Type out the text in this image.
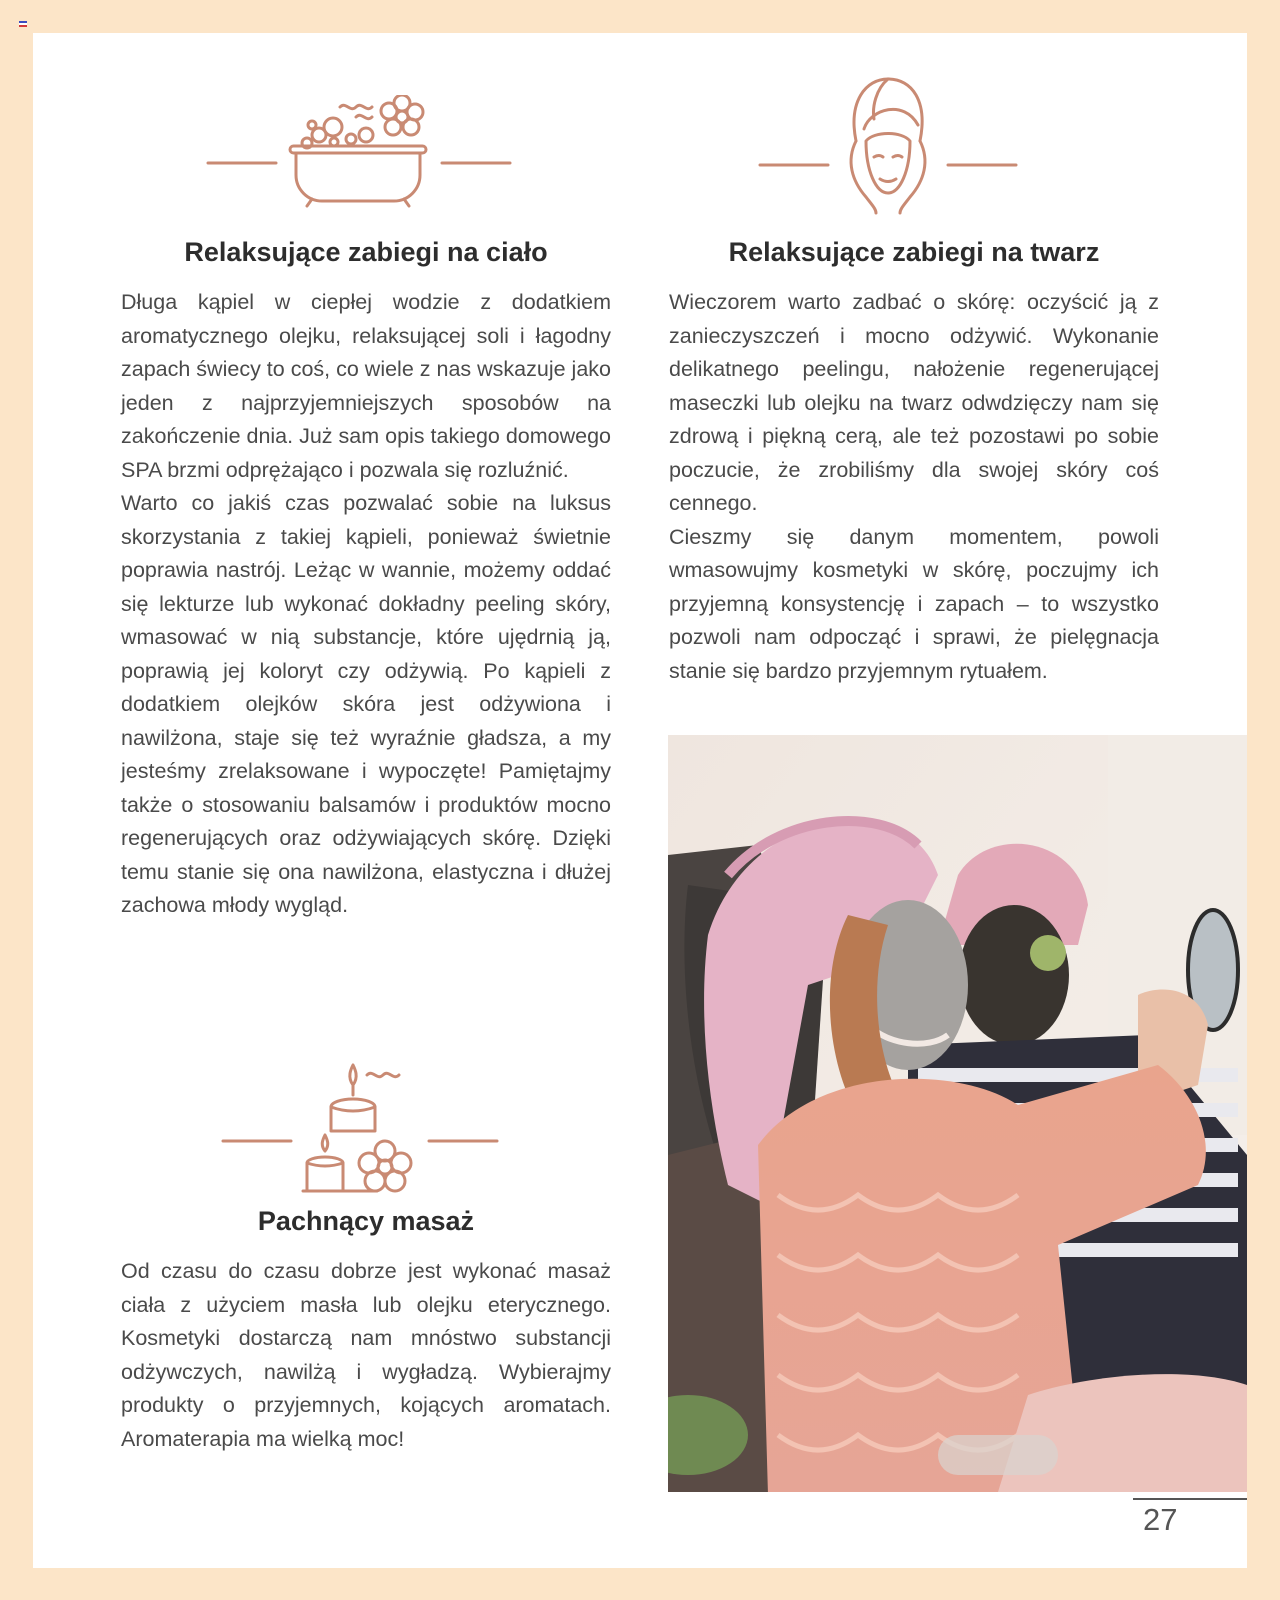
Relaksujące zabiegi na ciało

Długa kąpiel w ciepłej wodzie z dodatkiem aromatycznego olejku, relaksującej soli i łagodny zapach świecy to coś, co wiele z nas wskazuje jako jeden z najprzyjemniejszych sposobów na zakończenie dnia. Już sam opis takiego domowego SPA brzmi odprężająco i pozwala się rozluźnić.

Warto co jakiś czas pozwalać sobie na luksus skorzystania z takiej kąpieli, ponieważ świetnie poprawia nastrój. Leżąc w wannie, możemy oddać się lekturze lub wykonać dokładny peeling skóry, wmasować w nią substancje, które ujędrnią ją, poprawią jej koloryt czy odżywią. Po kąpieli z dodatkiem olejków skóra jest odżywiona i nawilżona, staje się też wyraźnie gładsza, a my jesteśmy zrelaksowane i wypoczęte! Pamiętajmy także o stosowaniu balsamów i produktów mocno regenerujących oraz odżywiających skórę. Dzięki temu stanie się ona nawilżona, elastyczna i dłużej zachowa młody wygląd.

Relaksujące zabiegi na twarz

Wieczorem warto zadbać o skórę: oczyścić ją z zanieczyszczeń i mocno odżywić. Wykonanie delikatnego peelingu, nałożenie regenerującej maseczki lub olejku na twarz odwdzięczy nam się zdrową i piękną cerą, ale też pozostawi po sobie poczucie, że zrobiliśmy dla swojej skóry coś cennego.

Cieszmy się danym momentem, powoli wmasowujmy kosmetyki w skórę, poczujmy ich przyjemną konsystencję i zapach – to wszystko pozwoli nam odpocząć i sprawi, że pielęgnacja stanie się bardzo przyjemnym rytuałem.

Pachnący masaż

Od czasu do czasu dobrze jest wykonać masaż ciała z użyciem masła lub olejku eterycznego. Kosmetyki dostarczą nam mnóstwo substancji odżywczych, nawilżą i wygładzą. Wybierajmy produkty o przyjemnych, kojących aromatach. Aromaterapia ma wielką moc!

27
